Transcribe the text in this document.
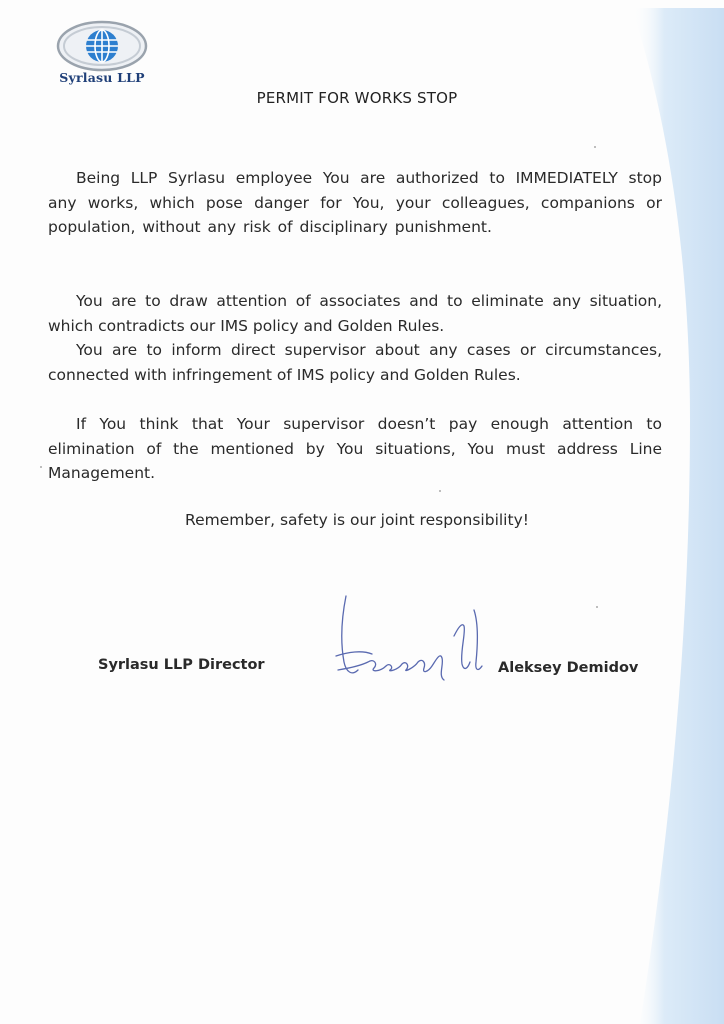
Syrlasu LLP
PERMIT FOR WORKS STOP

Being LLP Syrlasu employee You are authorized to IMMEDIATELY stop any works, which pose danger for You, your colleagues, companions or population, without any risk of disciplinary punishment.

You are to draw attention of associates and to eliminate any situation, which contradicts our IMS policy and Golden Rules.

You are to inform direct supervisor about any cases or circumstances, connected with infringement of IMS policy and Golden Rules.

If You think that Your supervisor doesn’t pay enough attention to elimination of the mentioned by You situations, You must address Line Management.

Remember, safety is our joint responsibility!
Syrlasu LLP Director	Aleksey Demidov
